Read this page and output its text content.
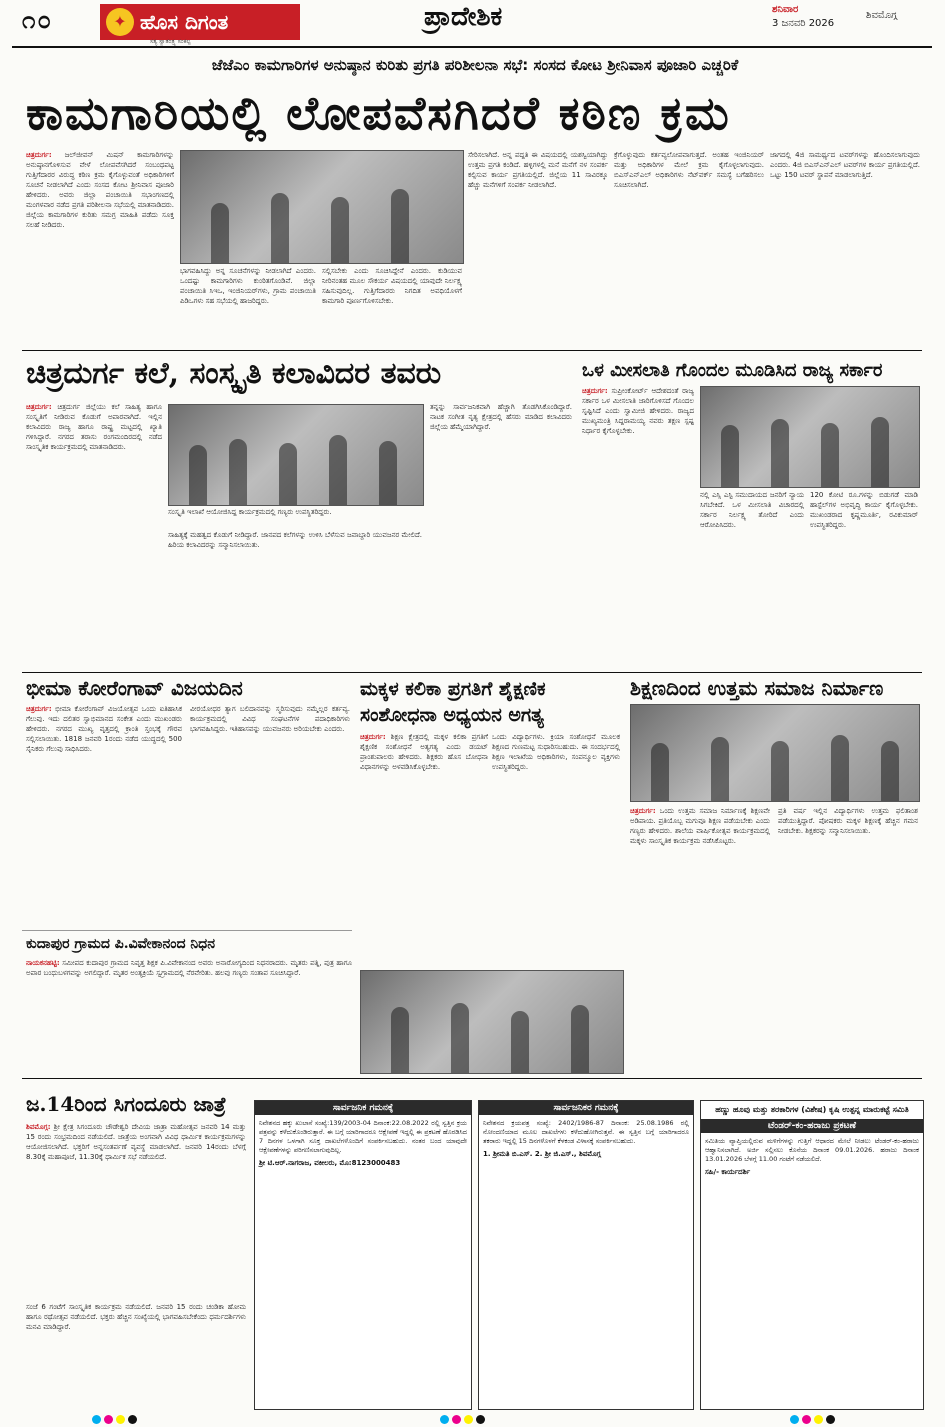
೧೦	✦ ಹೊಸ ದಿಗಂತ
ಸತ್ಯ ಸ್ವಾತಂತ್ರ್ಯ ಸಂಕಲ್ಪ
ಪ್ರಾದೇಶಿಕ	ಶನಿವಾರ
3 ಜನವರಿ 2026
ಶಿವಮೊಗ್ಗ
ಜೆಜೆಎಂ ಕಾಮಗಾರಿಗಳ ಅನುಷ್ಠಾನ ಕುರಿತು ಪ್ರಗತಿ ಪರಿಶೀಲನಾ ಸಭೆ: ಸಂಸದ ಕೋಟ ಶ್ರೀನಿವಾಸ ಪೂಜಾರಿ ಎಚ್ಚರಿಕೆ
ಕಾಮಗಾರಿಯಲ್ಲಿ ಲೋಪವೆಸಗಿದರೆ ಕಠಿಣ ಕ್ರಮ
ಚಿತ್ರದುರ್ಗ: ಜಲ್‌ಜೀವನ್ ಮಿಷನ್ ಕಾಮಗಾರಿಗಳನ್ನು ಅನುಷ್ಠಾನಗೊಳಿಸುವ ವೇಳೆ ಲೋಪವೆಸಗಿದರೆ ಸಂಬಂಧಪಟ್ಟ ಗುತ್ತಿಗೆದಾರರ ವಿರುದ್ಧ ಕಠಿಣ ಕ್ರಮ ಕೈಗೊಳ್ಳುವಂತೆ ಅಧಿಕಾರಿಗಳಿಗೆ ಸೂಚನೆ ನೀಡಲಾಗಿದೆ ಎಂದು ಸಂಸದ ಕೋಟ ಶ್ರೀನಿವಾಸ ಪೂಜಾರಿ ಹೇಳಿದರು. ಅವರು ಜಿಲ್ಲಾ ಪಂಚಾಯಿತಿ ಸಭಾಂಗಣದಲ್ಲಿ ಮಂಗಳವಾರ ನಡೆದ ಪ್ರಗತಿ ಪರಿಶೀಲನಾ ಸಭೆಯಲ್ಲಿ ಮಾತನಾಡಿದರು. ಜಿಲ್ಲೆಯ ಕಾಮಗಾರಿಗಳ ಕುರಿತು ಸಮಗ್ರ ಮಾಹಿತಿ ಪಡೆದು ಸೂಕ್ತ ಸಲಹೆ ನೀಡಿದರು.
ಭಾಗವಹಿಸಿದ್ದು ಅನ್ನ ಸೂಚನೆಗಳನ್ನು ನೀಡಲಾಗಿದೆ ಎಂದರು. ಒಂದಷ್ಟು ಕಾಮಗಾರಿಗಳು ಕುಂಠಿತಗೊಂಡಿವೆ. ಜಿಲ್ಲಾ ಪಂಚಾಯಿತಿ ಸಿಇಒ, ಇಂಜಿನಿಯರ್‌ಗಳು, ಗ್ರಾಮ ಪಂಚಾಯಿತಿ ಪಿಡಿಒಗಳು ಸಹ ಸಭೆಯಲ್ಲಿ ಹಾಜರಿದ್ದರು.
ಸಲ್ಲಿಸಬೇಕು ಎಂದು ಸೂಚಿಸಿದ್ದೇನೆ ಎಂದರು. ಕುಡಿಯುವ ನೀರಿನಂತಹ ಮೂಲ ಸೌಕರ್ಯ ವಿಷಯದಲ್ಲಿ ಯಾವುದೇ ನಿರ್ಲಕ್ಷ್ಯ ಸಹಿಸುವುದಿಲ್ಲ. ಗುತ್ತಿಗೆದಾರರು ನಿಗದಿತ ಅವಧಿಯೊಳಗೆ ಕಾಮಗಾರಿ ಪೂರ್ಣಗೊಳಿಸಬೇಕು.
ಸೇರಿಸಲಾಗಿದೆ. ಅನ್ನ ಪದ್ದತಿ ಈ ವಿಷಯದಲ್ಲಿ ಯಶಸ್ವಿಯಾಗಿದ್ದು ಉತ್ತಮ ಪ್ರಗತಿ ಕಂಡಿದೆ. ಹಳ್ಳಿಗಳಲ್ಲಿ ಮನೆ ಮನೆಗೆ ನಳ ಸಂಪರ್ಕ ಕಲ್ಪಿಸುವ ಕಾರ್ಯ ಪ್ರಗತಿಯಲ್ಲಿದೆ. ಜಿಲ್ಲೆಯ 11 ಸಾವಿರಕ್ಕೂ ಹೆಚ್ಚು ಮನೆಗಳಿಗೆ ಸಂಪರ್ಕ ನೀಡಲಾಗಿದೆ.
ಕ್ರೆಗೊಳ್ಳುವುದು ಕರ್ತವ್ಯಲೋಪವಾಗುತ್ತದೆ. ಅಂತಹ ಇಂಜಿನಿಯರ್ ಮತ್ತು ಅಧಿಕಾರಿಗಳ ಮೇಲೆ ಕ್ರಮ ಕೈಗೊಳ್ಳಲಾಗುವುದು. ಬಿಎಸ್‌ಎನ್‌ಎಲ್ ಅಧಿಕಾರಿಗಳು ನೆಟ್‌ವರ್ಕ್ ಸಮಸ್ಯೆ ಬಗೆಹರಿಸಲು ಸೂಚಿಸಲಾಗಿದೆ.
ಜಾಗದಲ್ಲಿ 4ಜಿ ಸಾಮರ್ಥ್ಯದ ಟವರ್‌ಗಳನ್ನು ಹೊಂದಿಸಲಾಗುವುದು ಎಂದರು. 4ಜಿ ಬಿಎಸ್‌ಎನ್‌ಎಲ್ ಟವರ್‌ಗಳ ಕಾರ್ಯ ಪ್ರಗತಿಯಲ್ಲಿದೆ. ಒಟ್ಟು 150 ಟವರ್ ಸ್ಥಾಪನೆ ಮಾಡಲಾಗುತ್ತಿದೆ.
ಚಿತ್ರದುರ್ಗ ಕಲೆ, ಸಂಸ್ಕೃತಿ ಕಲಾವಿದರ ತವರು
ಚಿತ್ರದುರ್ಗ: ಚಿತ್ರದುರ್ಗ ಜಿಲ್ಲೆಯು ಕಲೆ ಸಾಹಿತ್ಯ ಹಾಗೂ ಸಂಸ್ಕೃತಿಗೆ ನೀಡಿರುವ ಕೊಡುಗೆ ಅಪಾರವಾಗಿದೆ. ಇಲ್ಲಿನ ಕಲಾವಿದರು ರಾಜ್ಯ ಹಾಗೂ ರಾಷ್ಟ್ರ ಮಟ್ಟದಲ್ಲಿ ಖ್ಯಾತಿ ಗಳಿಸಿದ್ದಾರೆ. ನಗರದ ತರಾಸು ರಂಗಮಂದಿರದಲ್ಲಿ ನಡೆದ ಸಾಂಸ್ಕೃತಿಕ ಕಾರ್ಯಕ್ರಮದಲ್ಲಿ ಮಾತನಾಡಿದರು.
ಸಂಸ್ಕೃತಿ ಇಲಾಖೆ ಆಯೋಜಿಸಿದ್ದ ಕಾರ್ಯಕ್ರಮದಲ್ಲಿ ಗಣ್ಯರು ಉಪಸ್ಥಿತರಿದ್ದರು.
ಸಾಹಿತ್ಯಕ್ಕೆ ಮಹತ್ವದ ಕೊಡುಗೆ ನೀಡಿದ್ದಾರೆ. ಜಾನಪದ ಕಲೆಗಳನ್ನು ಉಳಿಸಿ ಬೆಳೆಸುವ ಜವಾಬ್ದಾರಿ ಯುವಜನರ ಮೇಲಿದೆ. ಹಿರಿಯ ಕಲಾವಿದರನ್ನು ಸನ್ಮಾನಿಸಲಾಯಿತು.
ತನ್ನನ್ನು ಸಾರ್ವಜನಿಕವಾಗಿ ಹೆಚ್ಚಾಗಿ ತೊಡಗಿಸಿಕೊಂಡಿದ್ದಾರೆ. ನಾಟಕ ಸಂಗೀತ ನೃತ್ಯ ಕ್ಷೇತ್ರದಲ್ಲಿ ಹೆಸರು ಮಾಡಿದ ಕಲಾವಿದರು ಜಿಲ್ಲೆಯ ಹೆಮ್ಮೆಯಾಗಿದ್ದಾರೆ.
ಒಳ ಮೀಸಲಾತಿ ಗೊಂದಲ ಮೂಡಿಸಿದ ರಾಜ್ಯ ಸರ್ಕಾರ
ಚಿತ್ರದುರ್ಗ: ಸುಪ್ರೀಂಕೋರ್ಟ್ ಆದೇಶದಂತೆ ರಾಜ್ಯ ಸರ್ಕಾರ ಒಳ ಮೀಸಲಾತಿ ಜಾರಿಗೊಳಿಸದೆ ಗೊಂದಲ ಸೃಷ್ಟಿಸಿದೆ ಎಂದು ಸ್ವಾಮೀಜಿ ಹೇಳಿದರು. ರಾಜ್ಯದ ಮುಖ್ಯಮಂತ್ರಿ ಸಿದ್ದರಾಮಯ್ಯ ನವರು ತಕ್ಷಣ ಸ್ಪಷ್ಟ ನಿರ್ಧಾರ ಕೈಗೊಳ್ಳಬೇಕು.
ನಲ್ಲಿ ಎಸ್ಸಿ ಎಸ್ಟಿ ಸಮುದಾಯದ ಜನರಿಗೆ ನ್ಯಾಯ ಸಿಗಬೇಕಿದೆ. ಒಳ ಮೀಸಲಾತಿ ವಿಚಾರದಲ್ಲಿ ಸರ್ಕಾರ ನಿರ್ಲಕ್ಷ್ಯ ತೋರಿದೆ ಎಂದು ಆರೋಪಿಸಿದರು.
120 ಕೋಟಿ ರೂ.ಗಳನ್ನು ಬಿಡುಗಡೆ ಮಾಡಿ ಹಾಸ್ಟೆಲ್‌ಗಳ ಅಭಿವೃದ್ಧಿ ಕಾರ್ಯ ಕೈಗೊಳ್ಳಬೇಕು. ಮುಖಂಡರಾದ ಕೃಷ್ಣಮೂರ್ತಿ, ರವಿಕುಮಾರ್ ಉಪಸ್ಥಿತರಿದ್ದರು.
ಭೀಮಾ ಕೋರೆಂಗಾವ್ ವಿಜಯದಿನ
ಚಿತ್ರದುರ್ಗ: ಭೀಮಾ ಕೋರೆಂಗಾವ್ ವಿಜಯೋತ್ಸವ ಒಂದು ಐತಿಹಾಸಿಕ ಗೆಲುವು. ಇದು ದಲಿತರ ಸ್ವಾಭಿಮಾನದ ಸಂಕೇತ ಎಂದು ಮುಖಂಡರು ಹೇಳಿದರು. ನಗರದ ಮುಖ್ಯ ವೃತ್ತದಲ್ಲಿ ಕ್ರಾಂತಿ ಸ್ತಂಭಕ್ಕೆ ಗೌರವ ಸಲ್ಲಿಸಲಾಯಿತು. 1818 ಜನವರಿ 1ರಂದು ನಡೆದ ಯುದ್ಧದಲ್ಲಿ 500 ಸೈನಿಕರು ಗೆಲುವು ಸಾಧಿಸಿದರು.
ವೀರಯೋಧರ ತ್ಯಾಗ ಬಲಿದಾನವನ್ನು ಸ್ಮರಿಸುವುದು ನಮ್ಮೆಲ್ಲರ ಕರ್ತವ್ಯ. ಕಾರ್ಯಕ್ರಮದಲ್ಲಿ ವಿವಿಧ ಸಂಘಟನೆಗಳ ಪದಾಧಿಕಾರಿಗಳು ಭಾಗವಹಿಸಿದ್ದರು. ಇತಿಹಾಸವನ್ನು ಯುವಜನರು ಅರಿಯಬೇಕು ಎಂದರು.
ಮಕ್ಕಳ ಕಲಿಕಾ ಪ್ರಗತಿಗೆ ಶೈಕ್ಷಣಿಕ ಸಂಶೋಧನಾ ಅಧ್ಯಯನ ಅಗತ್ಯ
ಚಿತ್ರದುರ್ಗ: ಶಿಕ್ಷಣ ಕ್ಷೇತ್ರದಲ್ಲಿ ಮಕ್ಕಳ ಕಲಿಕಾ ಪ್ರಗತಿಗೆ ಶೈಕ್ಷಣಿಕ ಸಂಶೋಧನೆ ಅತ್ಯಗತ್ಯ ಎಂದು ಡಯಟ್ ಪ್ರಾಂಶುಪಾಲರು ಹೇಳಿದರು. ಶಿಕ್ಷಕರು ಹೊಸ ಬೋಧನಾ ವಿಧಾನಗಳನ್ನು ಅಳವಡಿಸಿಕೊಳ್ಳಬೇಕು.
ಒಂದು ವಿದ್ಯಾರ್ಥಿಗಳು. ಕ್ರಿಯಾ ಸಂಶೋಧನೆ ಮೂಲಕ ಶಿಕ್ಷಣದ ಗುಣಮಟ್ಟ ಸುಧಾರಿಸಬಹುದು. ಈ ಸಂದರ್ಭದಲ್ಲಿ ಶಿಕ್ಷಣ ಇಲಾಖೆಯ ಅಧಿಕಾರಿಗಳು, ಸಂಪನ್ಮೂಲ ವ್ಯಕ್ತಿಗಳು ಉಪಸ್ಥಿತರಿದ್ದರು.
ಶಿಕ್ಷಣದಿಂದ ಉತ್ತಮ ಸಮಾಜ ನಿರ್ಮಾಣ
ಚಿತ್ರದುರ್ಗ: ಒಂದು ಉತ್ತಮ ಸಮಾಜ ನಿರ್ಮಾಣಕ್ಕೆ ಶಿಕ್ಷಣವೇ ಅಡಿಪಾಯ. ಪ್ರತಿಯೊಬ್ಬ ಮಗುವೂ ಶಿಕ್ಷಣ ಪಡೆಯಬೇಕು ಎಂದು ಗಣ್ಯರು ಹೇಳಿದರು. ಶಾಲೆಯ ವಾರ್ಷಿಕೋತ್ಸವ ಕಾರ್ಯಕ್ರಮದಲ್ಲಿ ಮಕ್ಕಳು ಸಾಂಸ್ಕೃತಿಕ ಕಾರ್ಯಕ್ರಮ ನಡೆಸಿಕೊಟ್ಟರು.
ಪ್ರತಿ ವರ್ಷ ಇಲ್ಲಿನ ವಿದ್ಯಾರ್ಥಿಗಳು ಉತ್ತಮ ಫಲಿತಾಂಶ ಪಡೆಯುತ್ತಿದ್ದಾರೆ. ಪೋಷಕರು ಮಕ್ಕಳ ಶಿಕ್ಷಣಕ್ಕೆ ಹೆಚ್ಚಿನ ಗಮನ ನೀಡಬೇಕು. ಶಿಕ್ಷಕರನ್ನು ಸನ್ಮಾನಿಸಲಾಯಿತು.
ಕುದಾಪುರ ಗ್ರಾಮದ ಪಿ.ವಿವೇಕಾನಂದ ನಿಧನ
ನಾಯಕನಹಟ್ಟಿ: ಸಮೀಪದ ಕುದಾಪುರ ಗ್ರಾಮದ ನಿವೃತ್ತ ಶಿಕ್ಷಕ ಪಿ.ವಿವೇಕಾನಂದ ಅವರು ಅನಾರೋಗ್ಯದಿಂದ ನಿಧನರಾದರು. ಮೃತರು ಪತ್ನಿ, ಪುತ್ರ ಹಾಗೂ ಅಪಾರ ಬಂಧುಬಳಗವನ್ನು ಅಗಲಿದ್ದಾರೆ. ಮೃತರ ಅಂತ್ಯಕ್ರಿಯೆ ಸ್ವಗ್ರಾಮದಲ್ಲಿ ನೆರವೇರಿತು. ಹಲವು ಗಣ್ಯರು ಸಂತಾಪ ಸೂಚಿಸಿದ್ದಾರೆ.
ಜ.14ರಿಂದ ಸಿಗಂದೂರು ಜಾತ್ರೆ
ಶಿವಮೊಗ್ಗ: ಶ್ರೀ ಕ್ಷೇತ್ರ ಸಿಗಂದೂರು ಚೌಡೇಶ್ವರಿ ದೇವಿಯ ಜಾತ್ರಾ ಮಹೋತ್ಸವ ಜನವರಿ 14 ಮತ್ತು 15 ರಂದು ಸಂಭ್ರಮದಿಂದ ನಡೆಯಲಿದೆ. ಜಾತ್ರೆಯ ಅಂಗವಾಗಿ ವಿವಿಧ ಧಾರ್ಮಿಕ ಕಾರ್ಯಕ್ರಮಗಳನ್ನು ಆಯೋಜಿಸಲಾಗಿದೆ. ಭಕ್ತರಿಗೆ ಅನ್ನಸಂತರ್ಪಣೆ ವ್ಯವಸ್ಥೆ ಮಾಡಲಾಗಿದೆ. ಜನವರಿ 14ರಂದು ಬೆಳಗ್ಗೆ 8.30ಕ್ಕೆ ಮಹಾಪೂಜೆ, 11.30ಕ್ಕೆ ಧಾರ್ಮಿಕ ಸಭೆ ನಡೆಯಲಿದೆ.
ಸಂಜೆ 6 ಗಂಟೆಗೆ ಸಾಂಸ್ಕೃತಿಕ ಕಾರ್ಯಕ್ರಮ ನಡೆಯಲಿದೆ. ಜನವರಿ 15 ರಂದು ಚಂಡಿಕಾ ಹೋಮ ಹಾಗೂ ರಥೋತ್ಸವ ನಡೆಯಲಿದೆ. ಭಕ್ತರು ಹೆಚ್ಚಿನ ಸಂಖ್ಯೆಯಲ್ಲಿ ಭಾಗವಹಿಸಬೇಕೆಂದು ಧರ್ಮದರ್ಶಿಗಳು ಮನವಿ ಮಾಡಿದ್ದಾರೆ.
ಸಾರ್ವಜನಿಕ ಗಮನಕ್ಕೆ
ನಿವೇಶನದ ಹಕ್ಕು ಖುಲಾಸೆ ಸಂಖ್ಯೆ:139/2003-04 ದಿನಾಂಕ:22.08.2022 ರಲ್ಲಿ ಸ್ವತ್ತಿನ ಕ್ರಯ ಪತ್ರವನ್ನು ಕಳೆದುಕೊಂಡಿರುತ್ತಾರೆ. ಈ ಬಗ್ಗೆ ಯಾರಿಗಾದರೂ ಆಕ್ಷೇಪಣೆ ಇದ್ದಲ್ಲಿ ಈ ಪ್ರಕಟಣೆ ಹೊರಡಿಸಿದ 7 ದಿನಗಳ ಒಳಗಾಗಿ ಸೂಕ್ತ ದಾಖಲೆಗಳೊಂದಿಗೆ ಸಂಪರ್ಕಿಸಬಹುದು. ನಂತರ ಬಂದ ಯಾವುದೇ ಆಕ್ಷೇಪಣೆಗಳನ್ನು ಪರಿಗಣಿಸಲಾಗುವುದಿಲ್ಲ.
ಶ್ರೀ ಟಿ.ಆರ್.ನಾಗರಾಜ, ವಕೀಲರು, ಮೊ:8123000483
ಸಾರ್ವಜನಿಕರ ಗಮನಕ್ಕೆ
ನಿವೇಶನದ ಕ್ರಯಪತ್ರ ಸಂಖ್ಯೆ: 2402/1986-87 ದಿನಾಂಕ: 25.08.1986 ರಲ್ಲಿ ನೋಂದಣಿಯಾದ ಮೂಲ ದಾಖಲೆಗಳು ಕಳೆದುಹೋಗಿರುತ್ತವೆ. ಈ ಸ್ವತ್ತಿನ ಬಗ್ಗೆ ಯಾರಿಗಾದರೂ ತಕರಾರು ಇದ್ದಲ್ಲಿ 15 ದಿನಗಳೊಳಗೆ ಕೆಳಕಂಡ ವಿಳಾಸಕ್ಕೆ ಸಂಪರ್ಕಿಸಬಹುದು.
1. ಶ್ರೀಮತಿ ಬಿ.ಎಸ್. 2. ಶ್ರೀ ಜಿ.ಎಸ್., ಶಿವಮೊಗ್ಗ
ಹಣ್ಣು ಹೂವು ಮತ್ತು ತರಕಾರಿಗಳ (ವಿಶೇಷ) ಕೃಷಿ ಉತ್ಪನ್ನ ಮಾರುಕಟ್ಟೆ ಸಮಿತಿ
ಟೆಂಡರ್-ಕಂ-ಹರಾಜು ಪ್ರಕಟಣೆ
ಸಮಿತಿಯ ವ್ಯಾಪ್ತಿಯಲ್ಲಿರುವ ಮಳಿಗೆಗಳನ್ನು ಗುತ್ತಿಗೆ ಆಧಾರದ ಮೇಲೆ ನೀಡಲು ಟೆಂಡರ್-ಕಂ-ಹರಾಜು ಆಹ್ವಾನಿಸಲಾಗಿದೆ. ಅರ್ಜಿ ಸಲ್ಲಿಸಲು ಕೊನೆಯ ದಿನಾಂಕ 09.01.2026. ಹರಾಜು ದಿನಾಂಕ 13.01.2026 ಬೆಳಗ್ಗೆ 11.00 ಗಂಟೆಗೆ ನಡೆಯಲಿದೆ.
ಸಹಿ/- ಕಾರ್ಯದರ್ಶಿ
